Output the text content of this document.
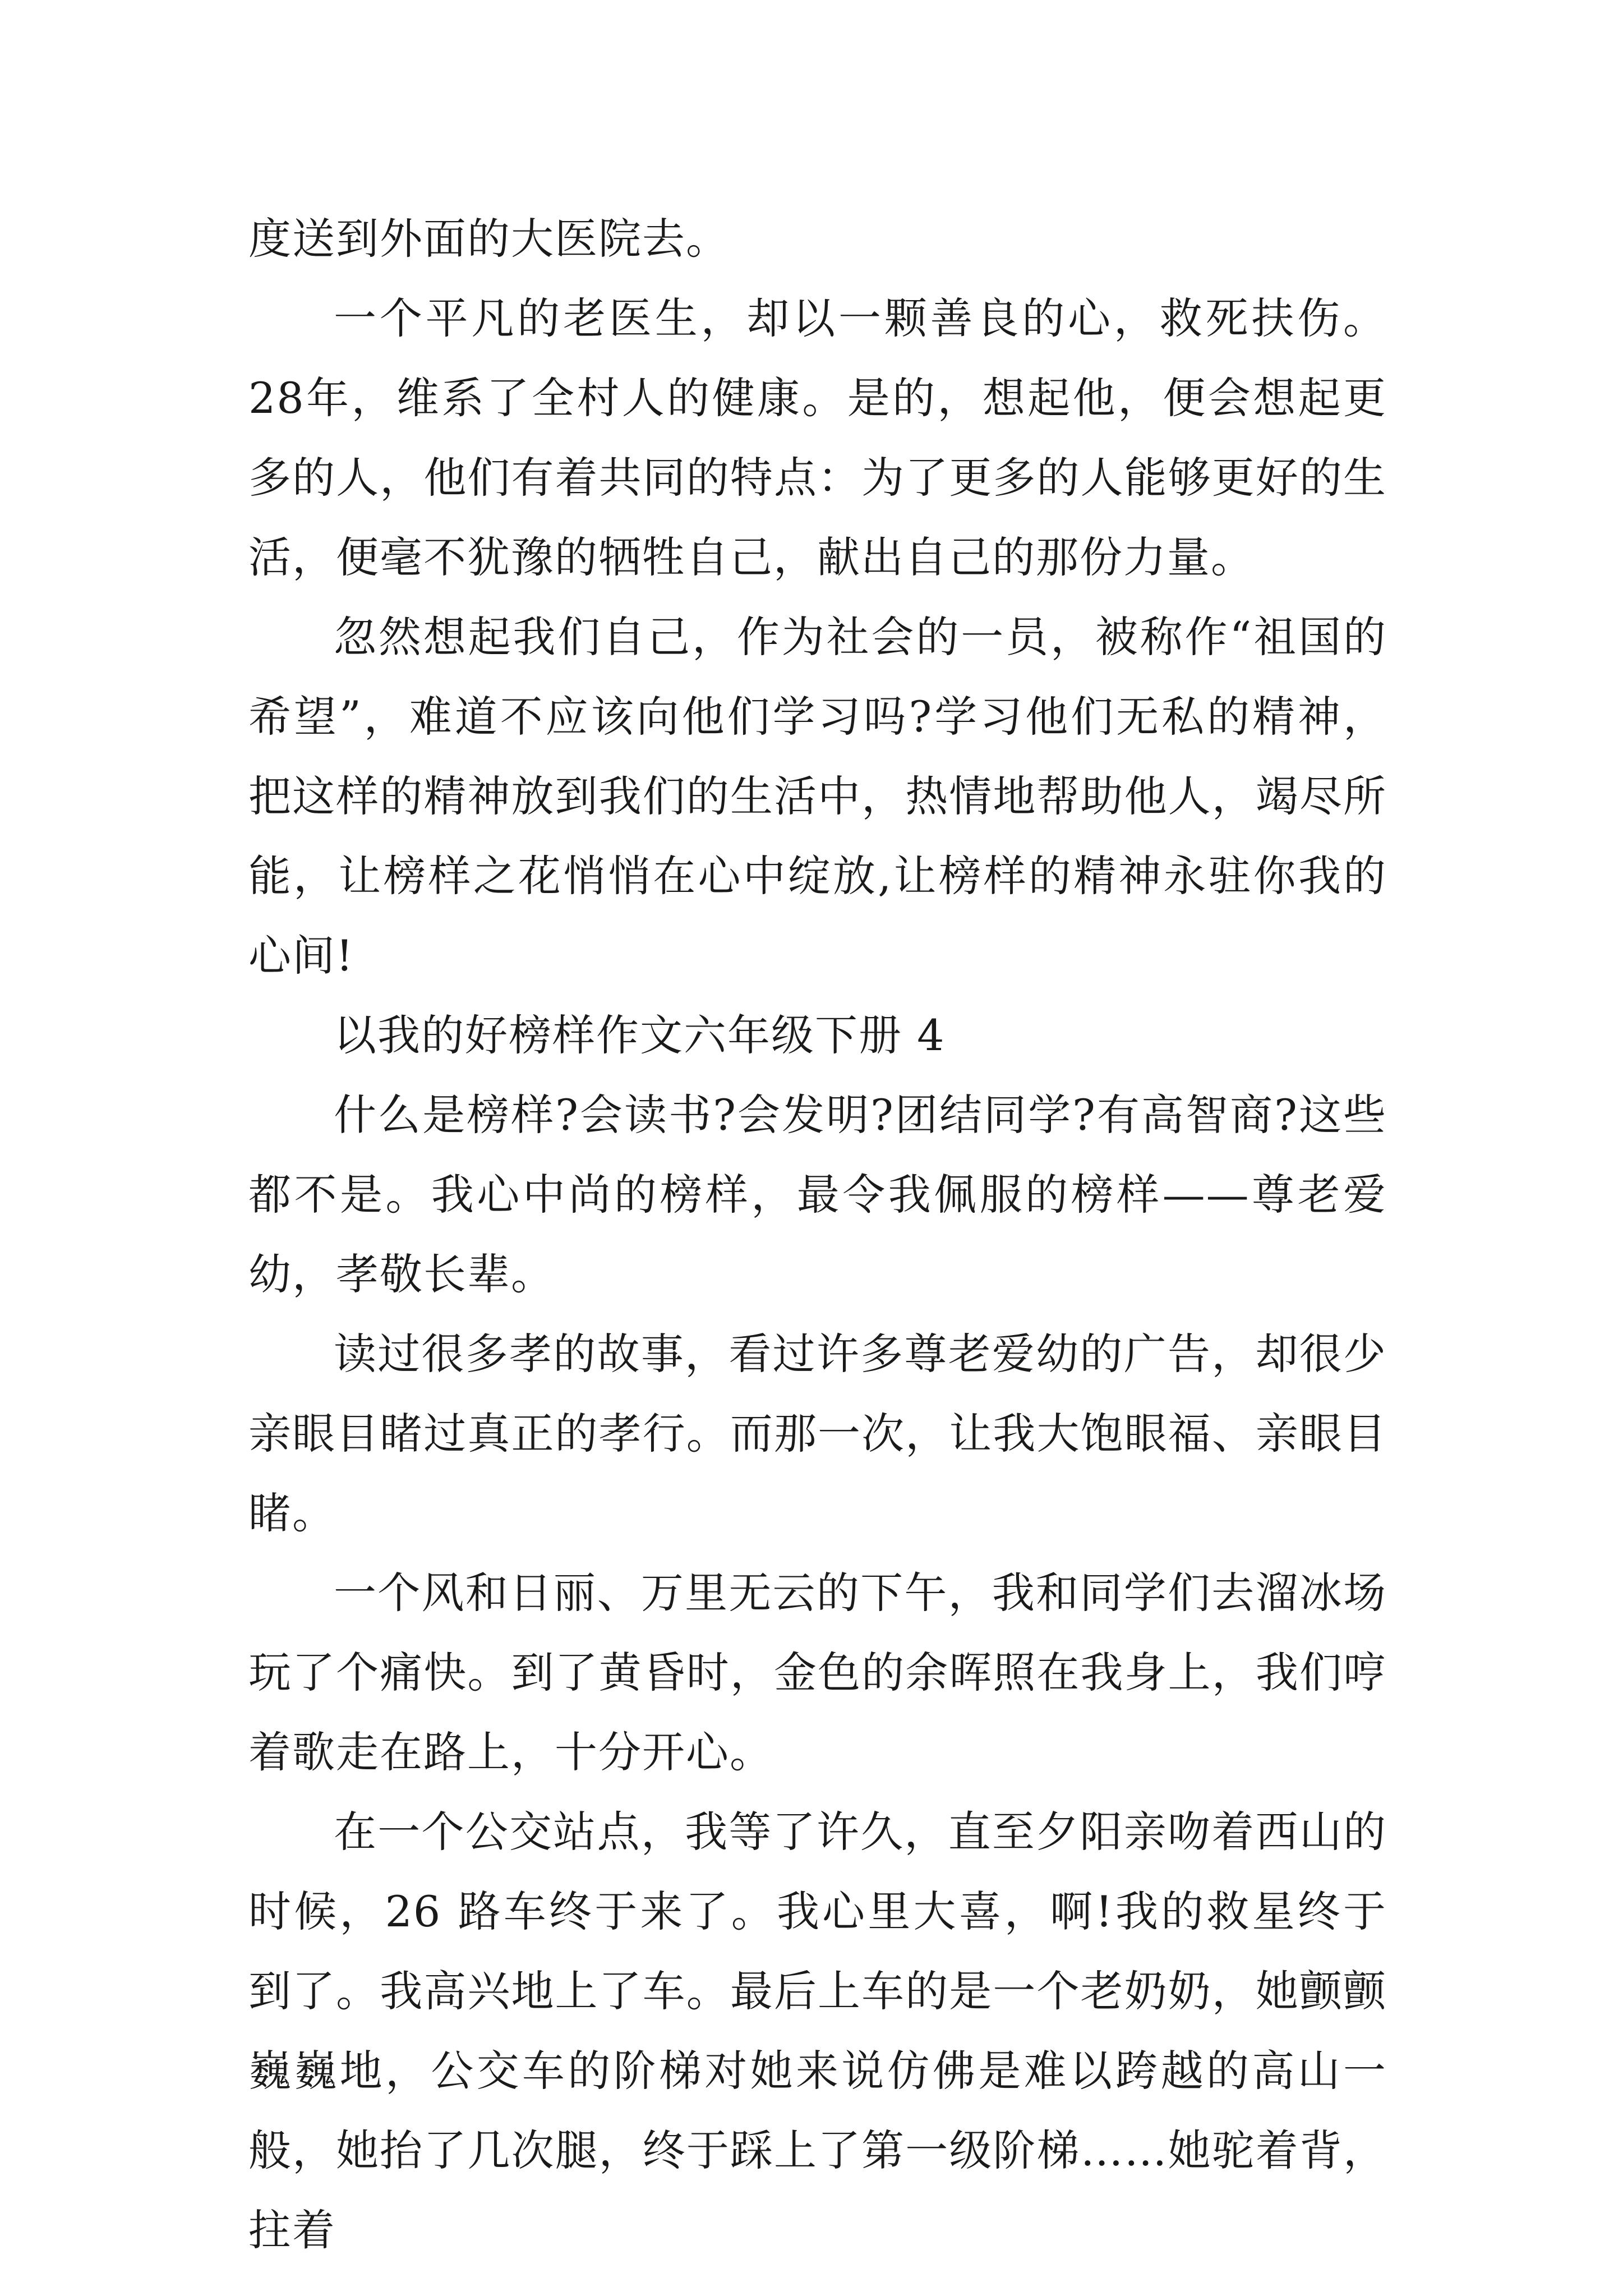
度送到外面的大医院去。

一个平凡的老医生，却以一颗善良的心，救死扶伤。28年，维系了全村人的健康。是的，想起他，便会想起更多的人，他们有着共同的特点：为了更多的人能够更好的生活，便毫不犹豫的牺牲自己，献出自己的那份力量。

忽然想起我们自己，作为社会的一员，被称作“祖国的希望”，难道不应该向他们学习吗?学习他们无私的精神，把这样的精神放到我们的生活中，热情地帮助他人，竭尽所能，让榜样之花悄悄在心中绽放,让榜样的精神永驻你我的心间!

以我的好榜样作文六年级下册 4

什么是榜样?会读书?会发明?团结同学?有高智商?这些都不是。我心中尚的榜样，最令我佩服的榜样——尊老爱幼，孝敬长辈。

读过很多孝的故事，看过许多尊老爱幼的广告，却很少亲眼目睹过真正的孝行。而那一次，让我大饱眼福、亲眼目睹。

一个风和日丽、万里无云的下午，我和同学们去溜冰场玩了个痛快。到了黄昏时，金色的余晖照在我身上，我们哼着歌走在路上，十分开心。

在一个公交站点，我等了许久，直至夕阳亲吻着西山的时候，26 路车终于来了。我心里大喜，啊!我的救星终于到了。我高兴地上了车。最后上车的是一个老奶奶，她颤颤巍巍地，公交车的阶梯对她来说仿佛是难以跨越的高山一般，她抬了几次腿，终于踩上了第一级阶梯……她驼着背，拄着
